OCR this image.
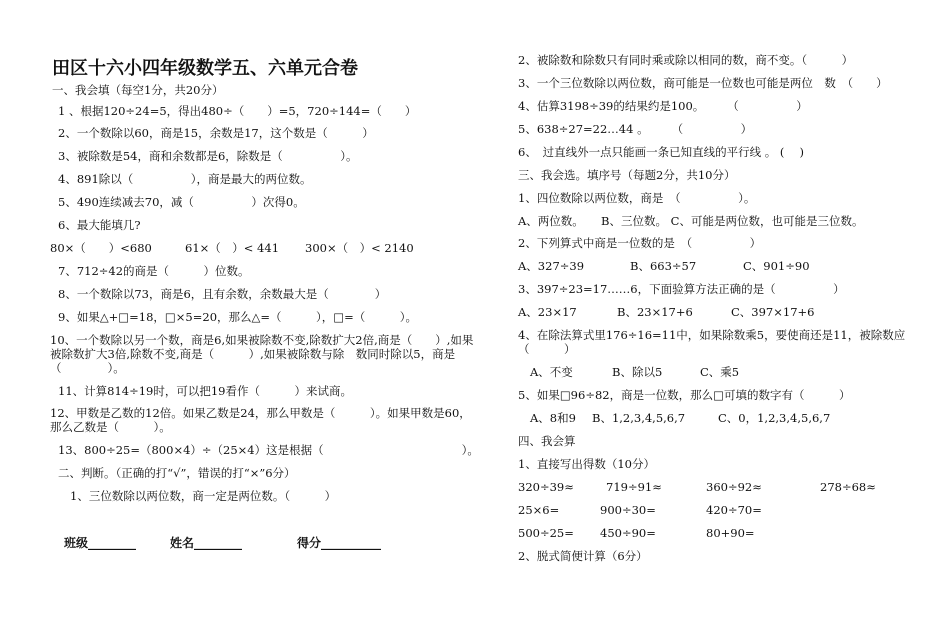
田区十六小四年级数学五、六单元合卷
一、我会填（每空1分，共20分）
1 、根据120÷24=5，得出480÷（　　）=5，720÷144=（　　）
2、一个数除以60，商是15，余数是17，这个数是（　　　）
3、被除数是54，商和余数都是6，除数是（　　　　　）。
4、891除以（　　　　　），商是最大的两位数。
5、490连续减去70，减（　　　　　）次得0。
6、最大能填几?
80×（　　）<680	61×（　）< 441 300×（　）< 2140
7、712÷42的商是（　　　）位数。
8、一个数除以73，商是6，且有余数，余数最大是（　　　　）
9、如果△+□=18，□×5=20，那么△=（　　　），□=（　　　）。
10、一个数除以另一个数，商是6,如果被除数不变,除数扩大2倍,商是（　　）,如果被除数扩大3倍,除数不变,商是（　　　）,如果被除数与除　数同时除以5，商是（　　　　）。
11、计算814÷19时，可以把19看作（　　　）来试商。
12、甲数是乙数的12倍。如果乙数是24，那么甲数是（　　　）。如果甲数是60，那么乙数是（　　　）。
13、800÷25=（800×4）÷（25×4）这是根据（　　　　　　　　　　　　）。
二、判断。（正确的打“√”，错误的打“×”6分）
1、三位数除以两位数，商一定是两位数。（　　　）
班级________	姓名________	得分__________
2、被除数和除数只有同时乘或除以相同的数，商不变。（　　　）
3、一个三位数除以两位数，商可能是一位数也可能是两位　数　（　　）
4、估算3198÷39的结果约是100。　　　（　　　　　）
5、638÷27=22…44 。　　　（　　　　　）
6、　过直线外一点只能画一条已知直线的平行线 。 ( 　)
三、我会选。填序号（每题2分，共10分）
1、四位数除以两位数，商是　（　　　　　）。
A、两位数。　　B、三位数。 C、可能是两位数，也可能是三位数。
2、下列算式中商是一位数的是　（　　　　　）
A、327÷39	B、663÷57	C、901÷90
3、397÷23=17……6，下面验算方法正确的是（　　　　　）
A、23×17	B、23×17+6	C、397×17+6
4、在除法算式里176÷16=11中，如果除数乘5，要使商还是11，被除数应（　　　）
A、不变	B、除以5	C、乘5
5、如果□96÷82，商是一位数，那么□可填的数字有（　　　）
A、8和9 B、1,2,3,4,5,6,7	C、0，1,2,3,4,5,6,7
四、我会算
1、直接写出得数（10分）
320÷39≈	719÷91≈	360÷92≈	278÷68≈
25×6=	900÷30=	420÷70=
500÷25= 450÷90=	80+90=
2、脱式简便计算（6分）
